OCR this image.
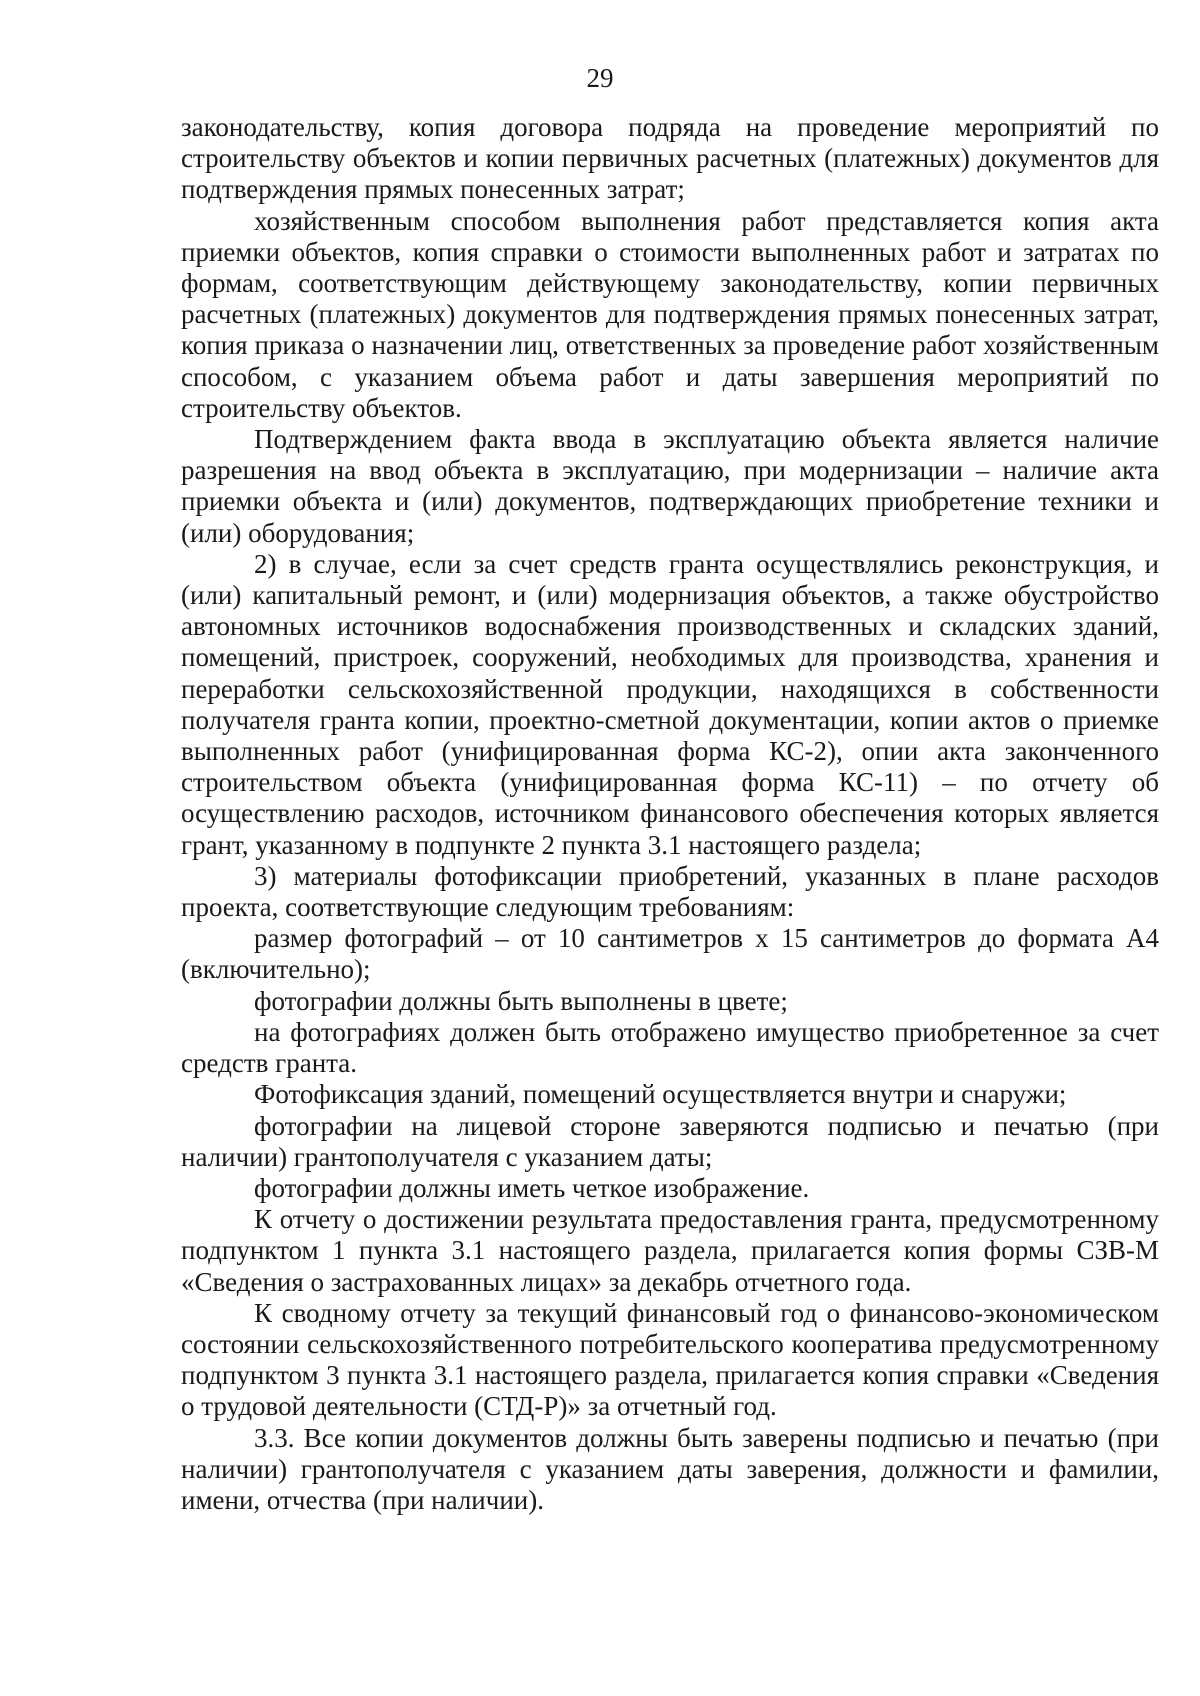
29

законодательству, копия договора подряда на проведение мероприятий по строительству объектов и копии первичных расчетных (платежных) документов для подтверждения прямых понесенных затрат;

хозяйственным способом выполнения работ представляется копия акта приемки объектов, копия справки о стоимости выполненных работ и затратах по формам, соответствующим действующему законодательству, копии первичных расчетных (платежных) документов для подтверждения прямых понесенных затрат, копия приказа о назначении лиц, ответственных за проведение работ хозяйственным способом, с указанием объема работ и даты завершения мероприятий по строительству объектов.

Подтверждением факта ввода в эксплуатацию объекта является наличие разрешения на ввод объекта в эксплуатацию, при модернизации – наличие акта приемки объекта и (или) документов, подтверждающих приобретение техники и (или) оборудования;

2) в случае, если за счет средств гранта осуществлялись реконструкция, и (или) капитальный ремонт, и (или) модернизация объектов, а также обустройство автономных источников водоснабжения производственных и складских зданий, помещений, пристроек, сооружений, необходимых для производства, хранения и переработки сельскохозяйственной продукции, находящихся в собственности получателя гранта копии, проектно-сметной документации, копии актов о приемке выполненных работ (унифицированная форма КС-2), опии акта законченного строительством объекта (унифицированная форма КС-11) – по отчету об осуществлению расходов, источником финансового обеспечения которых является грант, указанному в подпункте 2 пункта 3.1 настоящего раздела;

3) материалы фотофиксации приобретений, указанных в плане расходов проекта, соответствующие следующим требованиям:

размер фотографий – от 10 сантиметров х 15 сантиметров до формата А4 (включительно);

фотографии должны быть выполнены в цвете;

на фотографиях должен быть отображено имущество приобретенное за счет средств гранта.

Фотофиксация зданий, помещений осуществляется внутри и снаружи;

фотографии на лицевой стороне заверяются подписью и печатью (при наличии) грантополучателя с указанием даты;

фотографии должны иметь четкое изображение.

К отчету о достижении результата предоставления гранта, предусмотренному подпунктом 1 пункта 3.1 настоящего раздела, прилагается копия формы СЗВ-М «Сведения о застрахованных лицах» за декабрь отчетного года.

К сводному отчету за текущий финансовый год о финансово-экономическом состоянии сельскохозяйственного потребительского кооператива предусмотренному подпунктом 3 пункта 3.1 настоящего раздела, прилагается копия справки «Сведения о трудовой деятельности (СТД-Р)» за отчетный год.

3.3. Все копии документов должны быть заверены подписью и печатью (при наличии) грантополучателя с указанием даты заверения, должности и фамилии, имени, отчества (при наличии).
